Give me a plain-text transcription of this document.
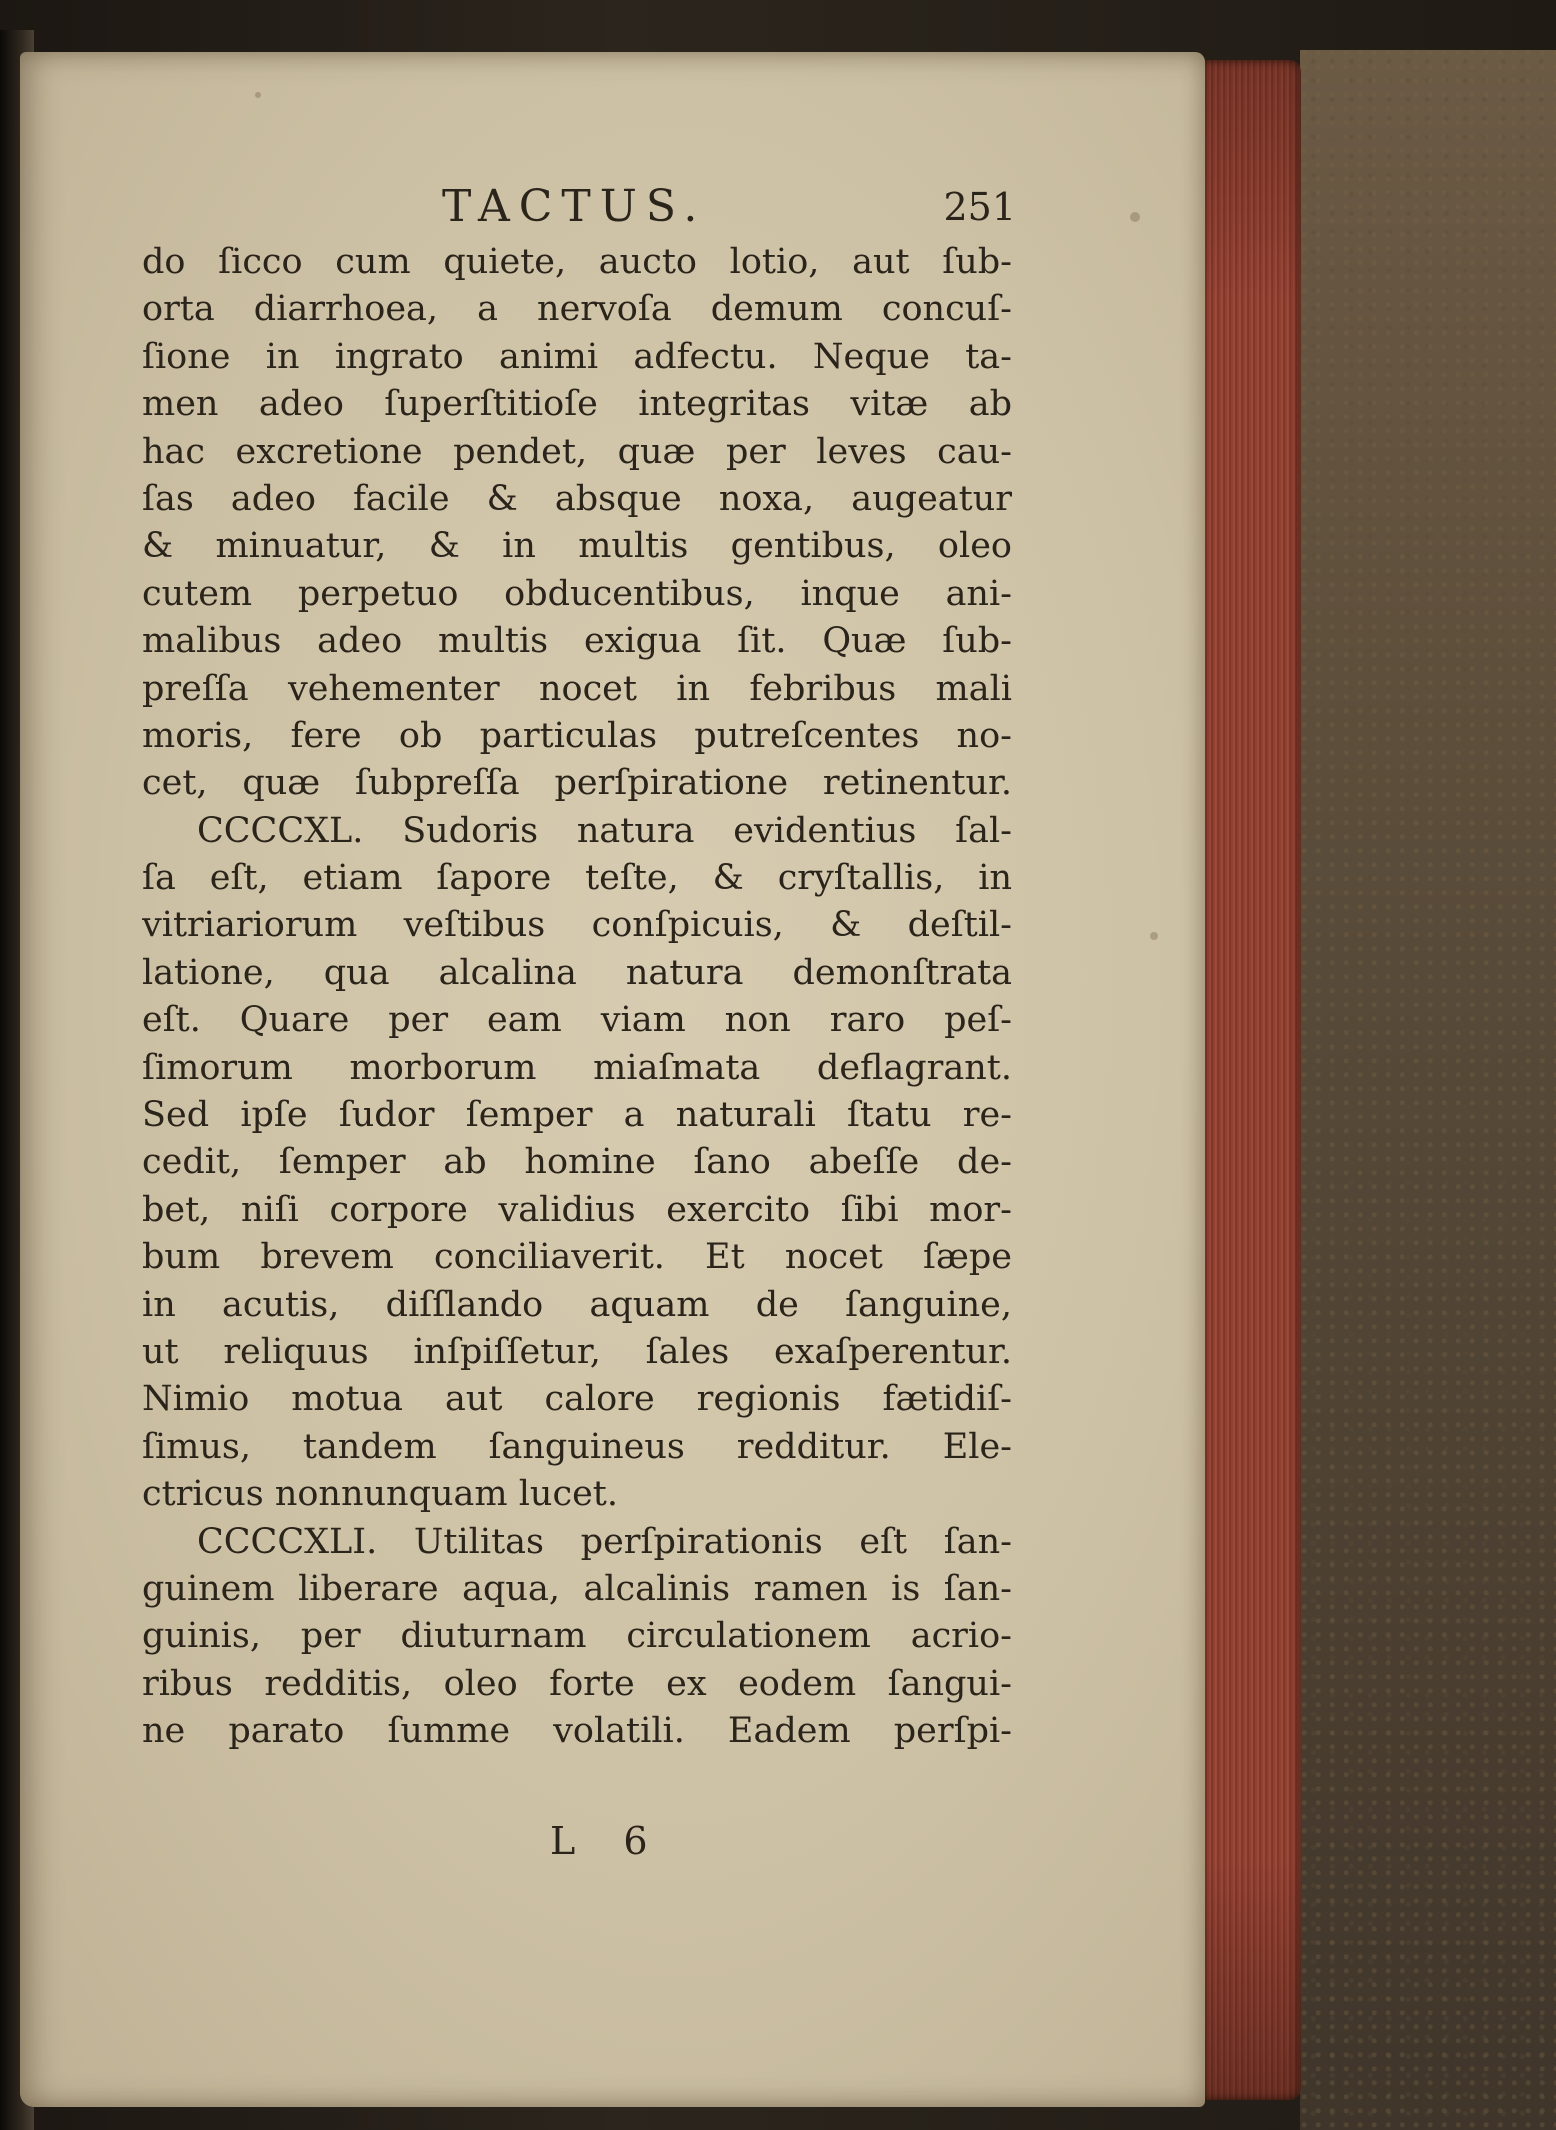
TACTUS.	251
do ſicco cum quiete, aucto lotio, aut ſub-
orta diarrhoea, a nervoſa demum concuſ-
ſione in ingrato animi adfectu. Neque ta-
men adeo ſuperſtitioſe integritas vitæ ab
hac excretione pendet, quæ per leves cau-
ſas adeo facile & absque noxa, augeatur
& minuatur, & in multis gentibus, oleo
cutem perpetuo obducentibus, inque ani-
malibus adeo multis exigua ſit. Quæ ſub-
preſſa vehementer nocet in febribus mali
moris, fere ob particulas putreſcentes no-
cet, quæ ſubpreſſa perſpiratione retinentur.
CCCCXL. Sudoris natura evidentius ſal-
ſa eſt, etiam ſapore teſte, & cryſtallis, in
vitriariorum veſtibus conſpicuis, & deſtil-
latione, qua alcalina natura demonſtrata
eſt. Quare per eam viam non raro peſ-
ſimorum morborum miaſmata deflagrant.
Sed ipſe ſudor ſemper a naturali ſtatu re-
cedit, ſemper ab homine ſano abeſſe de-
bet, niſi corpore validius exercito ſibi mor-
bum brevem conciliaverit. Et nocet ſæpe
in acutis, diſſlando aquam de ſanguine,
ut reliquus inſpiſſetur, ſales exaſperentur.
Nimio motua aut calore regionis fætidiſ-
ſimus, tandem ſanguineus redditur. Ele-
ctricus nonnunquam lucet.
CCCCXLI. Utilitas perſpirationis eſt ſan-
guinem liberare aqua, alcalinis ramen is ſan-
guinis, per diuturnam circulationem acrio-
ribus redditis, oleo forte ex eodem ſangui-
ne parato ſumme volatili. Eadem perſpi-
L 6
